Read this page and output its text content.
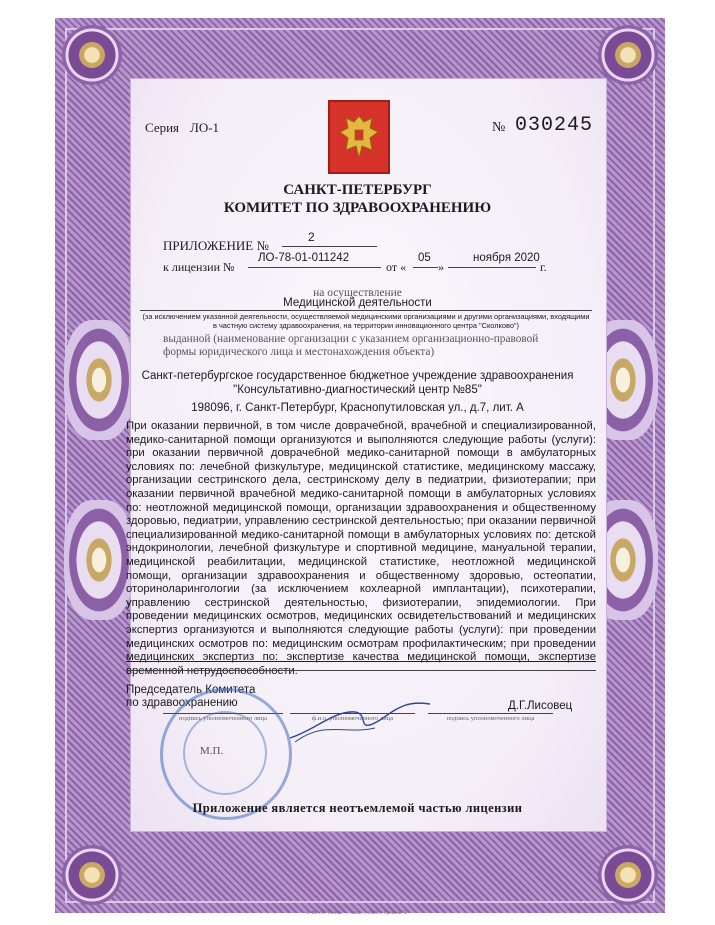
Серия ЛО-1	№ 030245
САНКТ-ПЕТЕРБУРГ
КОМИТЕТ ПО ЗДРАВООХРАНЕНИЮ
ПРИЛОЖЕНИЕ №
2
к лицензии №
ЛО-78-01-011242
от «
05
»
ноября 2020
г.
на осуществление
Медицинской деятельности
(за исключением указанной деятельности, осуществляемой медицинскими организациями и другими организациями, входящими в частную систему здравоохранения, на территории инновационного центра "Сколково")
выданной (наименование организации с указанием организационно-правовой формы юридического лица и местонахождения объекта)
Санкт-петербургское государственное бюджетное учреждение здравоохранения
"Консультативно-диагностический центр №85"
198096, г. Санкт-Петербург, Краснопутиловская ул., д.7, лит. А
При оказании первичной, в том числе доврачебной, врачебной и специализированной, медико-санитарной помощи организуются и выполняются следующие работы (услуги): при оказании первичной доврачебной медико-санитарной помощи в амбулаторных условиях по: лечебной физкультуре, медицинской статистике, медицинскому массажу, организации сестринского дела, сестринскому делу в педиатрии, физиотерапии; при оказании первичной врачебной медико-санитарной помощи в амбулаторных условиях по: неотложной медицинской помощи, организации здравоохранения и общественному здоровью, педиатрии, управлению сестринской деятельностью; при оказании первичной специализированной медико-санитарной помощи в амбулаторных условиях по: детской эндокринологии, лечебной физкультуре и спортивной медицине, мануальной терапии, медицинской реабилитации, медицинской статистике, неотложной медицинской помощи, организации здравоохранения и общественному здоровью, остеопатии, оториноларингологии (за исключением кохлеарной имплантации), психотерапии, управлению сестринской деятельностью, физиотерапии, эпидемиологии. При проведении медицинских осмотров, медицинских освидетельствований и медицинских экспертиз организуются и выполняются следующие работы (услуги): при проведении медицинских осмотров по: медицинским осмотрам профилактическим; при проведении медицинских экспертиз по: экспертизе качества медицинской помощи, экспертизе временной нетрудоспособности.
Председатель Комитета
по здравоохранению	Д.Г.Лисовец
подпись уполномоченного лица	ф.и.о. уполномоченного лица	подпись уполномоченного лица
М.П.
Приложение является неотъемлемой частью лицензии
© ФГУП "Гознак" ... Заказ ... 2020 г. Уровень "Б"
